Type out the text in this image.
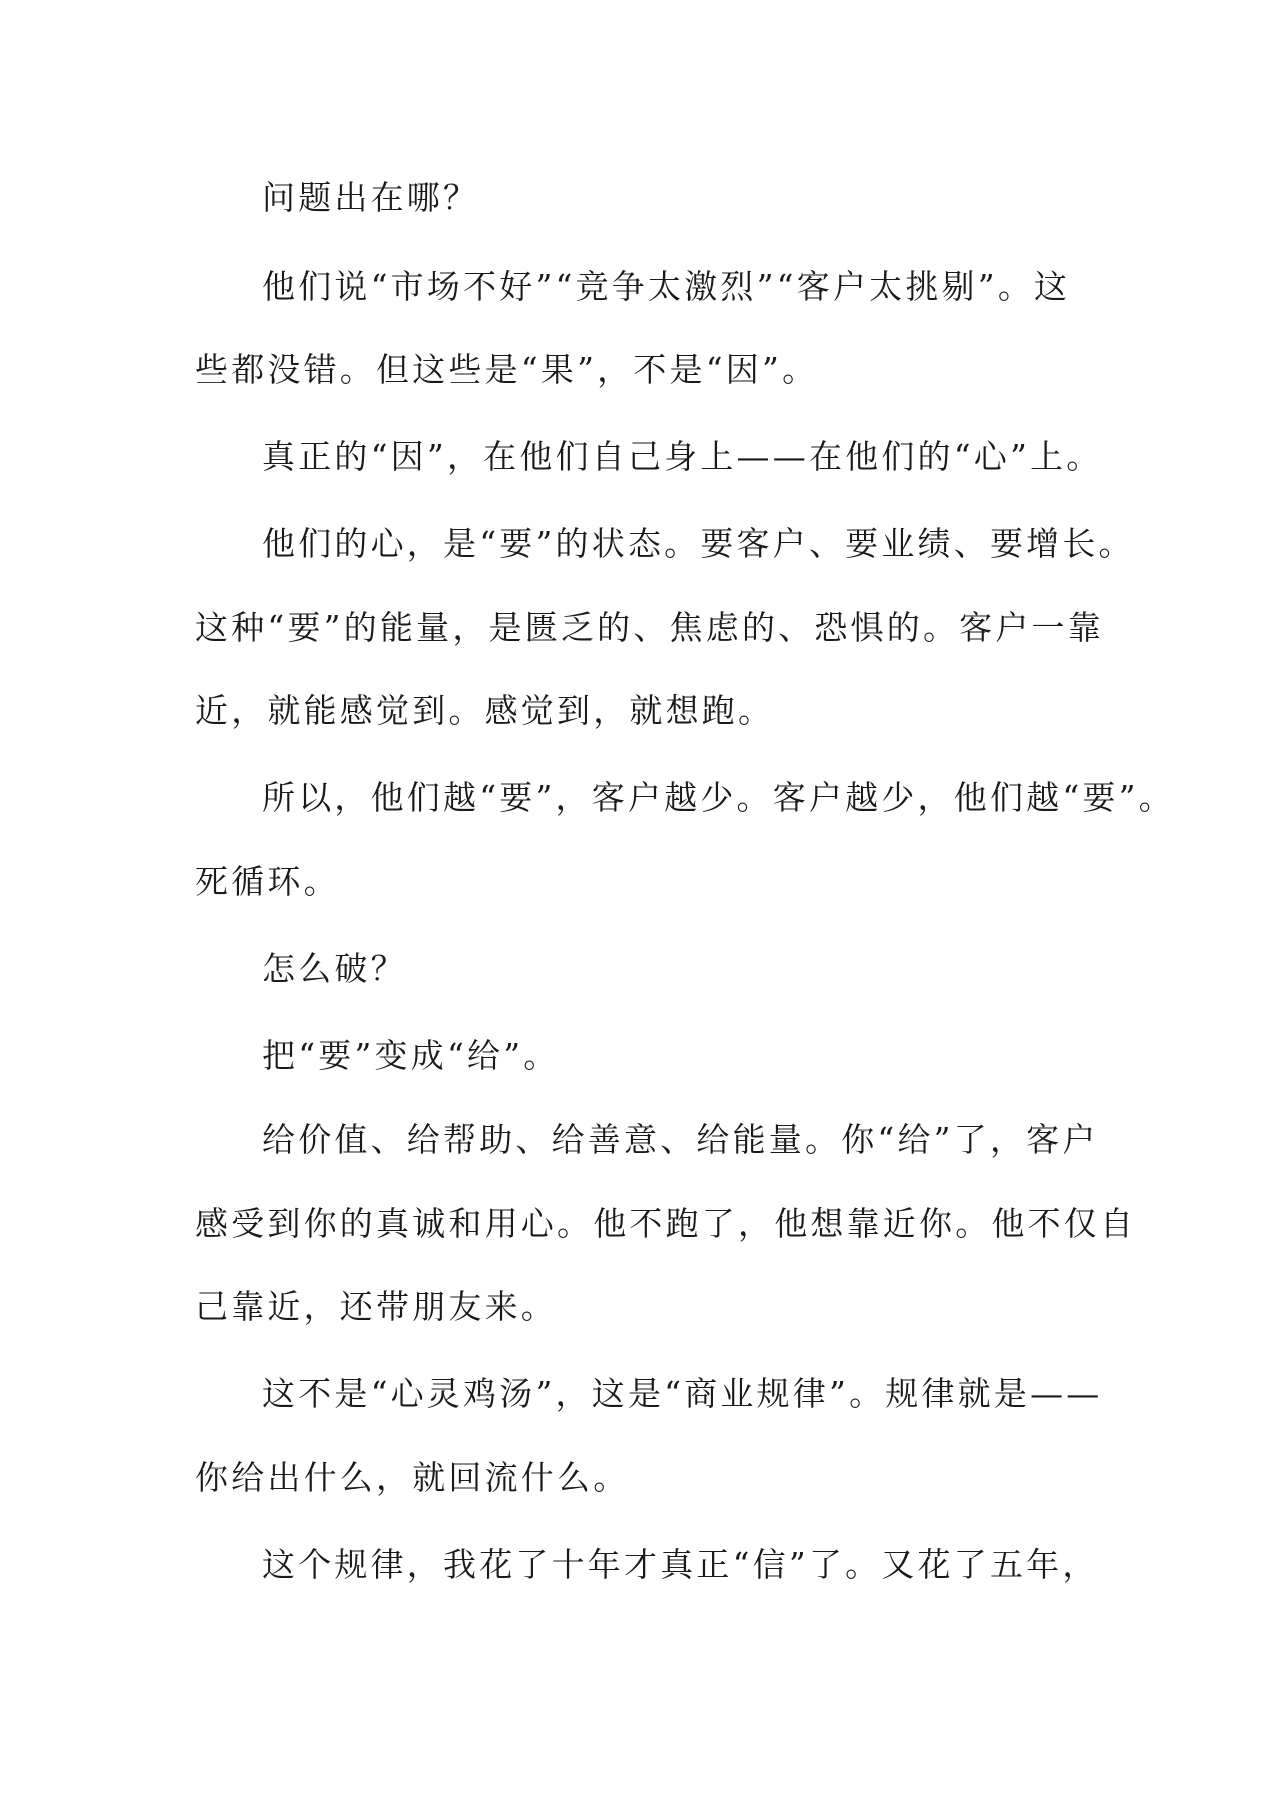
问题出在哪？
他们说“市场不好”“竞争太激烈”“客户太挑剔”。这
些都没错。但这些是“果”，不是“因”。
真正的“因”，在他们自己身上——在他们的“心”上。
他们的心，是“要”的状态。要客户、要业绩、要增长。
这种“要”的能量，是匮乏的、焦虑的、恐惧的。客户一靠
近，就能感觉到。感觉到，就想跑。
所以，他们越“要”，客户越少。客户越少，他们越“要”。
死循环。
怎么破？
把“要”变成“给”。
给价值、给帮助、给善意、给能量。你“给”了，客户
感受到你的真诚和用心。他不跑了，他想靠近你。他不仅自
己靠近，还带朋友来。
这不是“心灵鸡汤”，这是“商业规律”。规律就是——
你给出什么，就回流什么。
这个规律，我花了十年才真正“信”了。又花了五年，
